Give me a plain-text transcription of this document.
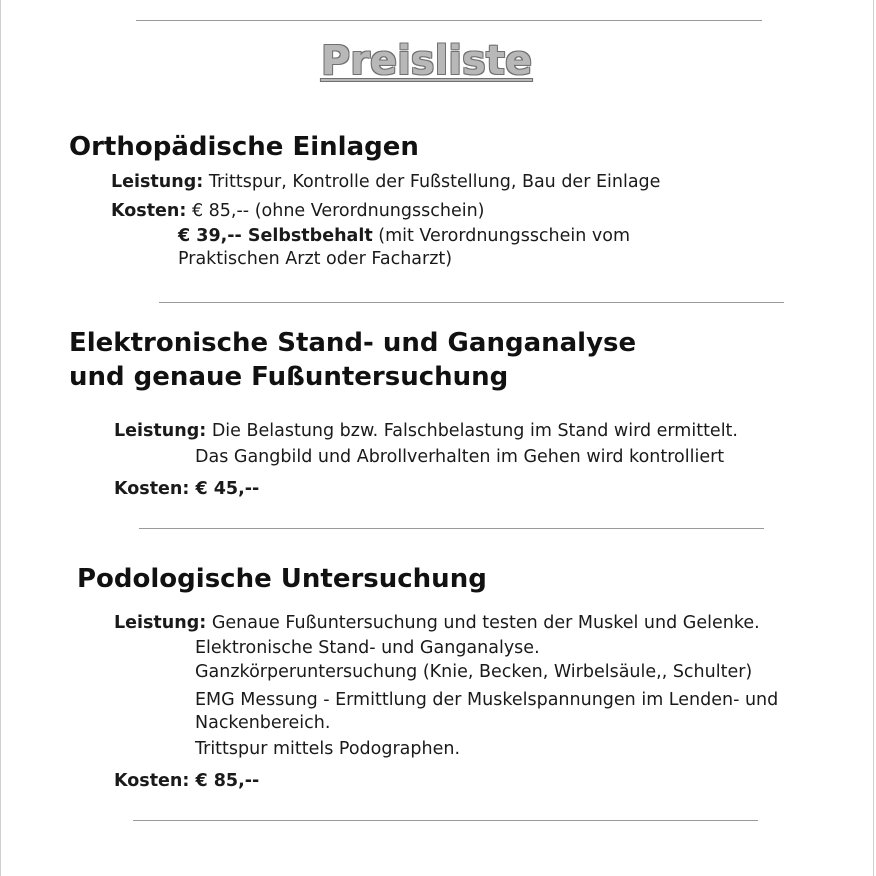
Preisliste
Orthopädische Einlagen
Leistung: Trittspur, Kontrolle der Fußstellung, Bau der Einlage
Kosten: € 85,-- (ohne Verordnungsschein)
€ 39,-- Selbstbehalt (mit Verordnungsschein vom
Praktischen Arzt oder Facharzt)
Elektronische Stand- und Ganganalyse
und genaue Fußuntersuchung
Leistung: Die Belastung bzw. Falschbelastung im Stand wird ermittelt.
Das Gangbild und Abrollverhalten im Gehen wird kontrolliert
Kosten: € 45,--
Podologische Untersuchung
Leistung: Genaue Fußuntersuchung und testen der Muskel und Gelenke.
Elektronische Stand- und Ganganalyse.
Ganzkörperuntersuchung (Knie, Becken, Wirbelsäule,, Schulter)
EMG Messung - Ermittlung der Muskelspannungen im Lenden- und
Nackenbereich.
Trittspur mittels Podographen.
Kosten: € 85,--
